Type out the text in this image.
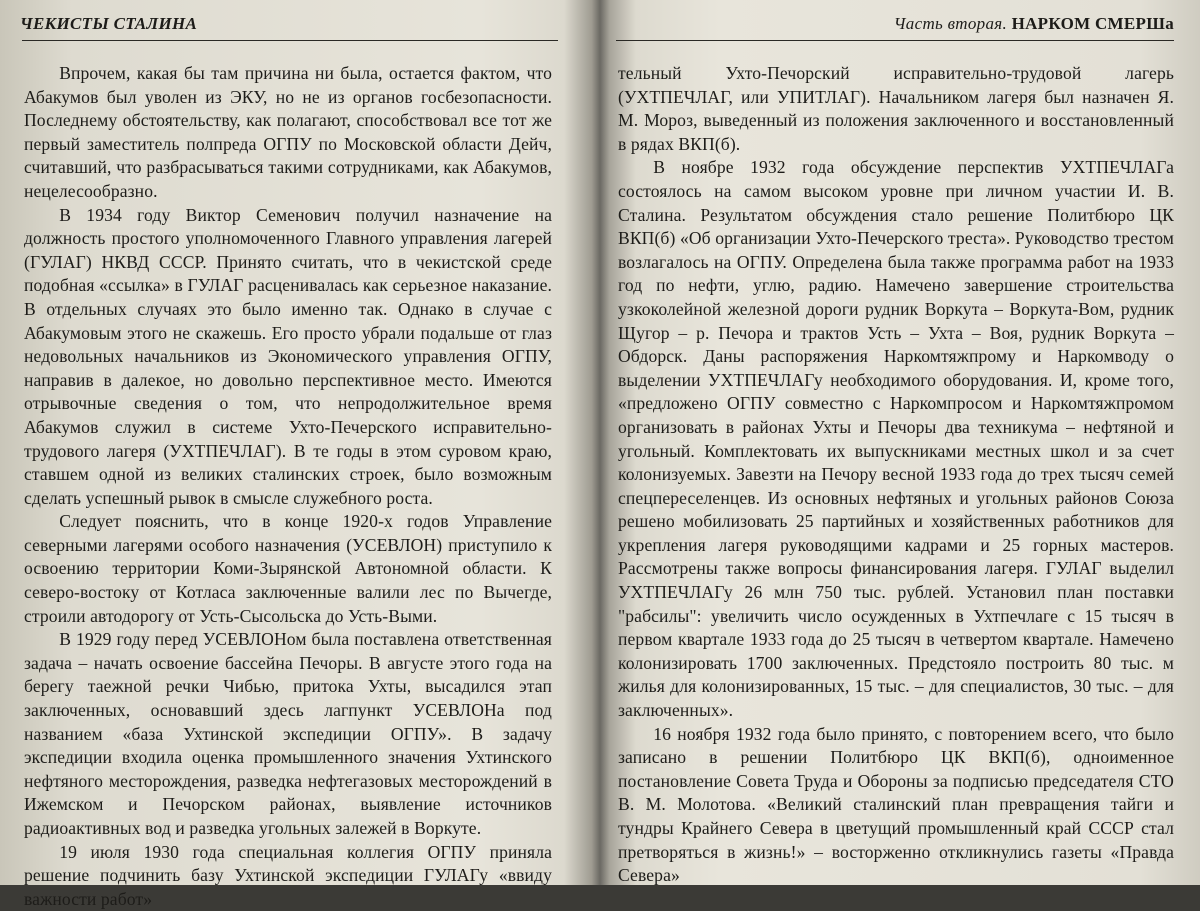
ЧЕКИСТЫ СТАЛИНА

Впрочем, какая бы там причина ни была, остается фактом, что Абакумов был уволен из ЭКУ, но не из органов госбезопасности. Последнему обстоятельству, как полагают, способствовал все тот же первый заместитель полпреда ОГПУ по Московской области Дейч, считавший, что разбрасываться такими сотрудниками, как Абакумов, нецелесообразно.

В 1934 году Виктор Семенович получил назначение на должность простого уполномоченного Главного управления лагерей (ГУЛАГ) НКВД СССР. Принято считать, что в чекистской среде подобная «ссылка» в ГУЛАГ расценивалась как серьезное наказание. В отдельных случаях это было именно так. Однако в случае с Абакумовым этого не скажешь. Его просто убрали подальше от глаз недовольных начальников из Экономического управления ОГПУ, направив в далекое, но довольно перспективное место. Имеются отрывочные сведения о том, что непродолжительное время Абакумов служил в системе Ухто-Печерского исправительно-трудового лагеря (УХТПЕЧЛАГ). В те годы в этом суровом краю, ставшем одной из великих сталинских строек, было возможным сделать успешный рывок в смысле служебного роста.

Следует пояснить, что в конце 1920-х годов Управление северными лагерями особого назначения (УСЕВЛОН) приступило к освоению территории Коми-Зырянской Автономной области. К северо-востоку от Котласа заключенные валили лес по Вычегде, строили автодорогу от Усть-Сысольска до Усть-Выми.

В 1929 году перед УСЕВЛОНом была поставлена ответственная задача – начать освоение бассейна Печоры. В августе этого года на берегу таежной речки Чибью, притока Ухты, высадился этап заключенных, основавший здесь лагпункт УСЕВЛОНа под названием «база Ухтинской экспедиции ОГПУ». В задачу экспедиции входила оценка промышленного значения Ухтинского нефтяного месторождения, разведка нефтегазовых месторождений в Ижемском и Печорском районах, выявление источников радиоактивных вод и разведка угольных залежей в Воркуте.

19 июля 1930 года специальная коллегия ОГПУ приняла решение подчинить базу Ухтинской экспедиции ГУЛАГу «ввиду важности работ»

Часть вторая. НАРКОМ СМЕРШа

тельный Ухто-Печорский исправительно-трудовой лагерь (УХТПЕЧЛАГ, или УПИТЛАГ). Начальником лагеря был назначен Я. М. Мороз, выведенный из положения заключенного и восстановленный в рядах ВКП(б).

В ноябре 1932 года обсуждение перспектив УХТПЕЧЛАГа состоялось на самом высоком уровне при личном участии И. В. Сталина. Результатом обсуждения стало решение Политбюро ЦК ВКП(б) «Об организации Ухто-Печерского треста». Руководство трестом возлагалось на ОГПУ. Определена была также программа работ на 1933 год по нефти, углю, радию. Намечено завершение строительства узкоколейной железной дороги рудник Воркута – Воркута-Вом, рудник Щугор – р. Печора и трактов Усть – Ухта – Воя, рудник Воркута – Обдорск. Даны распоряжения Наркомтяжпрому и Наркомводу о выделении УХТПЕЧЛАГу необходимого оборудования. И, кроме того, «предложено ОГПУ совместно с Наркомпросом и Наркомтяжпромом организовать в районах Ухты и Печоры два техникума – нефтяной и угольный. Комплектовать их выпускниками местных школ и за счет колонизуемых. Завезти на Печору весной 1933 года до трех тысяч семей спецпереселенцев. Из основных нефтяных и угольных районов Союза решено мобилизовать 25 партийных и хозяйственных работников для укрепления лагеря руководящими кадрами и 25 горных мастеров. Рассмотрены также вопросы финансирования лагеря. ГУЛАГ выделил УХТПЕЧЛАГу 26 млн 750 тыс. рублей. Установил план поставки "рабсилы": увеличить число осужденных в Ухтпечлаге с 15 тысяч в первом квартале 1933 года до 25 тысяч в четвертом квартале. Намечено колонизировать 1700 заключенных. Предстояло построить 80 тыс. м жилья для колонизированных, 15 тыс. – для специалистов, 30 тыс. – для заключенных».

16 ноября 1932 года было принято, с повторением всего, что было записано в решении Политбюро ЦК ВКП(б), одноименное постановление Совета Труда и Обороны за подписью председателя СТО В. М. Молотова. «Великий сталинский план превращения тайги и тундры Крайнего Севера в цветущий промышленный край СССР стал претворяться в жизнь!» – восторженно откликнулись газеты «Правда Севера»
